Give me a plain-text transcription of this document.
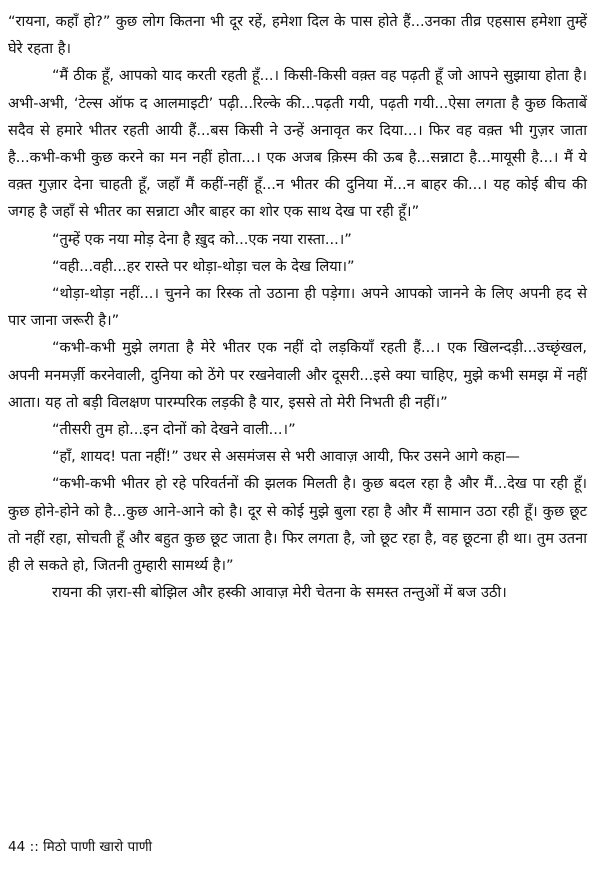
“रायना, कहाँ हो?” कुछ लोग कितना भी दूर रहें, हमेशा दिल के पास होते हैं...उनका तीव्र एहसास हमेशा तुम्हें घेरे रहता है।

“मैं ठीक हूँ, आपको याद करती रहती हूँ...। किसी-किसी वक़्त वह पढ़ती हूँ जो आपने सुझाया होता है। अभी-अभी, ‘टेल्स ऑफ द आलमाइटी’ पढ़ी...रिल्के की...पढ़ती गयी, पढ़ती गयी...ऐसा लगता है कुछ किताबें सदैव से हमारे भीतर रहती आयी हैं...बस किसी ने उन्हें अनावृत कर दिया...। फिर वह वक़्त भी गुज़र जाता है...कभी-कभी कुछ करने का मन नहीं होता...। एक अजब क़िस्म की ऊब है...सन्नाटा है...मायूसी है...। मैं ये वक़्त गुज़ार देना चाहती हूँ, जहाँ मैं कहीं-नहीं हूँ...न भीतर की दुनिया में...न बाहर की...। यह कोई बीच की जगह है जहाँ से भीतर का सन्नाटा और बाहर का शोर एक साथ देख पा रही हूँ।”

“तुम्हें एक नया मोड़ देना है ख़ुद को...एक नया रास्ता...।”

“वही...वही...हर रास्ते पर थोड़ा-थोड़ा चल के देख लिया।”

“थोड़ा-थोड़ा नहीं...। चुनने का रिस्क तो उठाना ही पड़ेगा। अपने आपको जानने के लिए अपनी हद से पार जाना जरूरी है।”

“कभी-कभी मुझे लगता है मेरे भीतर एक नहीं दो लड़कियाँ रहती हैं...। एक खिलन्दड़ी...उच्छृंखल, अपनी मनमर्ज़ी करनेवाली, दुनिया को ठेंगे पर रखनेवाली और दूसरी...इसे क्या चाहिए, मुझे कभी समझ में नहीं आता। यह तो बड़ी विलक्षण पारम्परिक लड़की है यार, इससे तो मेरी निभती ही नहीं।”

“तीसरी तुम हो...इन दोनों को देखने वाली...।”

“हाँ, शायद! पता नहीं!” उधर से असमंजस से भरी आवाज़ आयी, फिर उसने आगे कहा—

“कभी-कभी भीतर हो रहे परिवर्तनों की झलक मिलती है। कुछ बदल रहा है और मैं...देख पा रही हूँ। कुछ होने-होने को है...कुछ आने-आने को है। दूर से कोई मुझे बुला रहा है और मैं सामान उठा रही हूँ। कुछ छूट तो नहीं रहा, सोचती हूँ और बहुत कुछ छूट जाता है। फिर लगता है, जो छूट रहा है, वह छूटना ही था। तुम उतना ही ले सकते हो, जितनी तुम्हारी सामर्थ्य है।”

रायना की ज़रा-सी बोझिल और हस्की आवाज़ मेरी चेतना के समस्त तन्तुओं में बज उठी।

44 :: मिठो पाणी खारो पाणी
